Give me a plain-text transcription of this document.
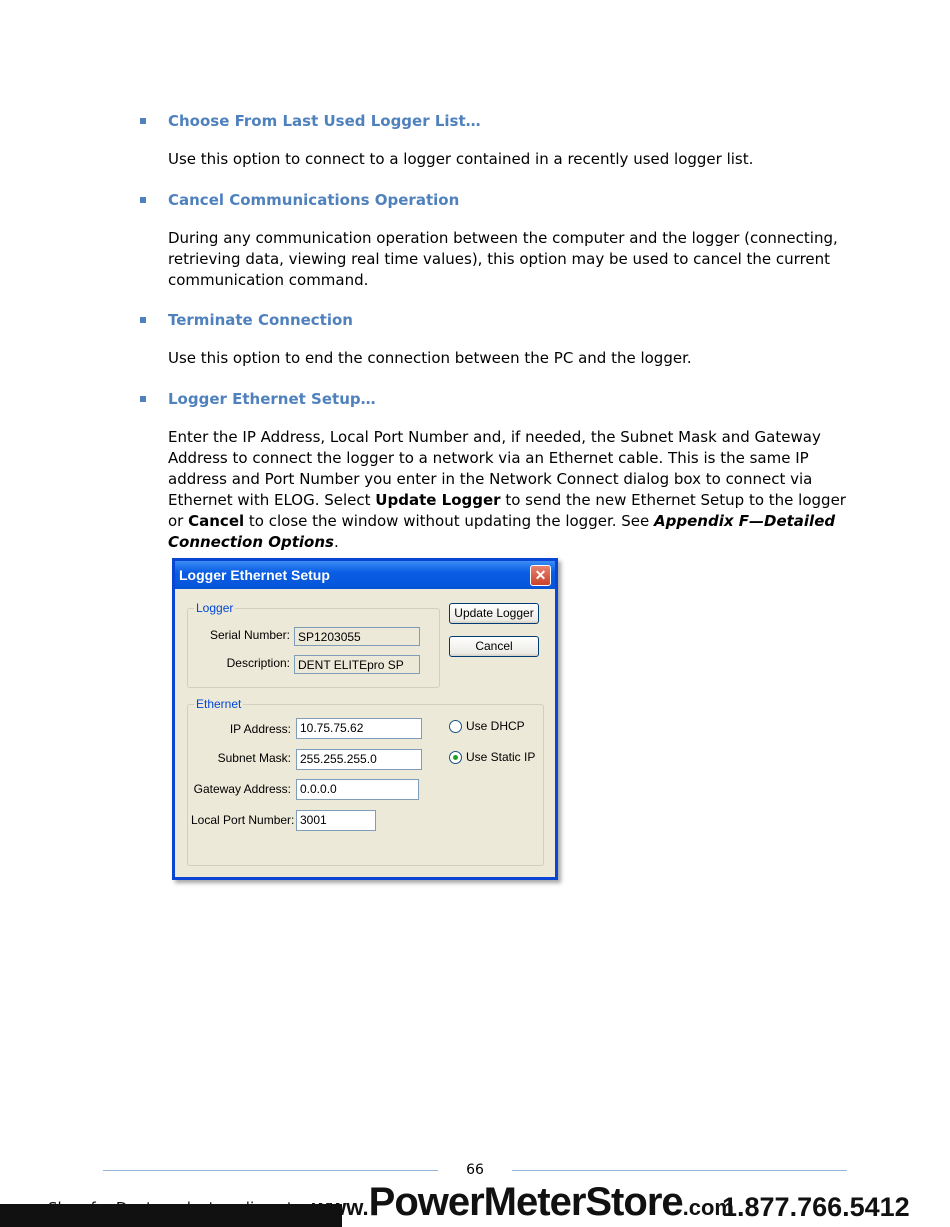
Choose From Last Used Logger List…
Use this option to connect to a logger contained in a recently used logger list.
Cancel Communications Operation
During any communication operation between the computer and the logger (connecting, retrieving data, viewing real time values), this option may be used to cancel the current communication command.
Terminate Connection
Use this option to end the connection between the PC and the logger.
Logger Ethernet Setup…
Enter the IP Address, Local Port Number and, if needed, the Subnet Mask and Gateway Address to connect the logger to a network via an Ethernet cable. This is the same IP address and Port Number you enter in the Network Connect dialog box to connect via Ethernet with ELOG. Select Update Logger to send the new Ethernet Setup to the logger or Cancel to close the window without updating the logger. See Appendix F—Detailed Connection Options.
Logger Ethernet Setup	✕
Logger
Serial Number: SP1203055
Description: DENT ELITEpro SP
Update Logger
Cancel
Ethernet
IP Address: 10.75.75.62
Subnet Mask: 255.255.255.0
Gateway Address: 0.0.0.0
Local Port Number: 3001
Use DHCP
Use Static IP
66
Shop for Dent products online at: www.PowerMeterStore.com
1.877.766.5412
